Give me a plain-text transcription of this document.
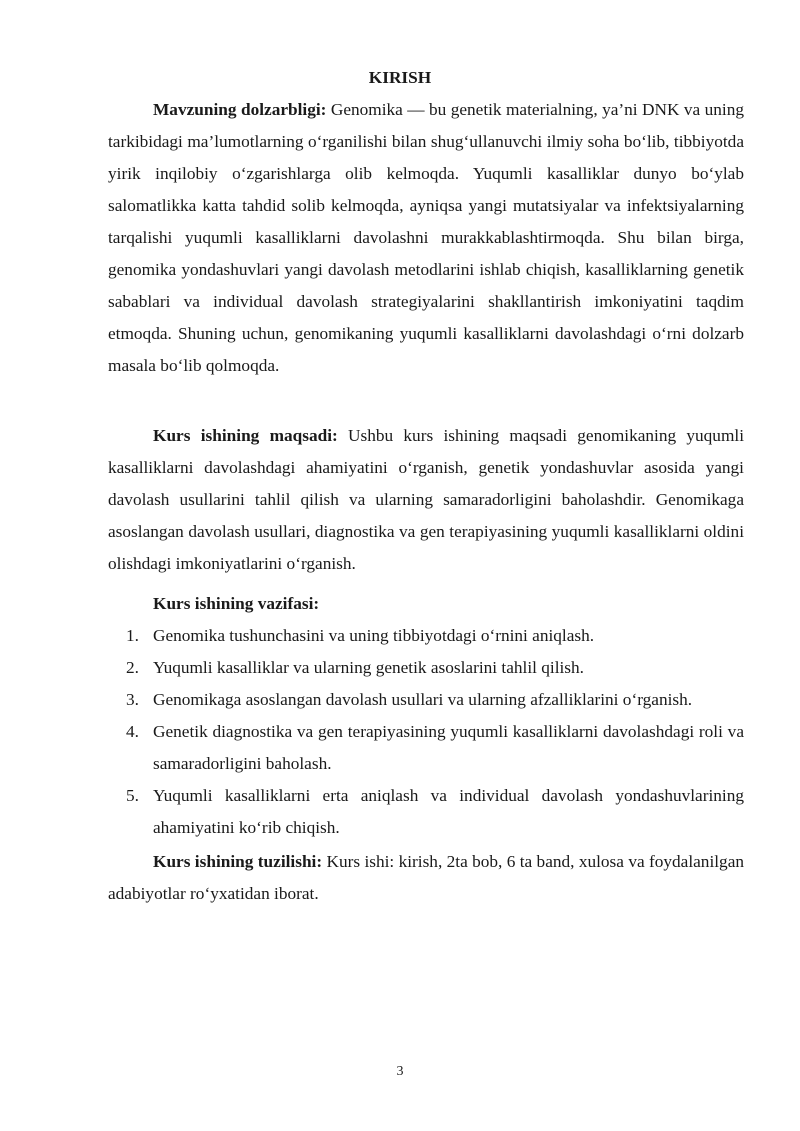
KIRISH
Mavzuning dolzarbligi: Genomika — bu genetik materialning, ya’ni DNK va uning tarkibidagi ma’lumotlarning o‘rganilishi bilan shug‘ullanuvchi ilmiy soha bo‘lib, tibbiyotda yirik inqilobiy o‘zgarishlarga olib kelmoqda. Yuqumli kasalliklar dunyo bo‘ylab salomatlikka katta tahdid solib kelmoqda, ayniqsa yangi mutatsiyalar va infektsiyalarning tarqalishi yuqumli kasalliklarni davolashni murakkablashtirmoqda. Shu bilan birga, genomika yondashuvlari yangi davolash metodlarini ishlab chiqish, kasalliklarning genetik sabablari va individual davolash strategiyalarini shakllantirish imkoniyatini taqdim etmoqda. Shuning uchun, genomikaning yuqumli kasalliklarni davolashdagi o‘rni dolzarb masala bo‘lib qolmoqda.
Kurs ishining maqsadi: Ushbu kurs ishining maqsadi genomikaning yuqumli kasalliklarni davolashdagi ahamiyatini o‘rganish, genetik yondashuvlar asosida yangi davolash usullarini tahlil qilish va ularning samaradorligini baholashdir. Genomikaga asoslangan davolash usullari, diagnostika va gen terapiyasining yuqumli kasalliklarni oldini olishdagi imkoniyatlarini o‘rganish.
Kurs ishining vazifasi:
1. Genomika tushunchasini va uning tibbiyotdagi o‘rnini aniqlash.
2. Yuqumli kasalliklar va ularning genetik asoslarini tahlil qilish.
3. Genomikaga asoslangan davolash usullari va ularning afzalliklarini o‘rganish.
4. Genetik diagnostika va gen terapiyasining yuqumli kasalliklarni davolashdagi roli va samaradorligini baholash.
5. Yuqumli kasalliklarni erta aniqlash va individual davolash yondashuvlarining ahamiyatini ko‘rib chiqish.
Kurs ishining tuzilishi: Kurs ishi: kirish, 2ta bob, 6 ta band, xulosa va foydalanilgan adabiyotlar ro‘yxatidan iborat.
3
